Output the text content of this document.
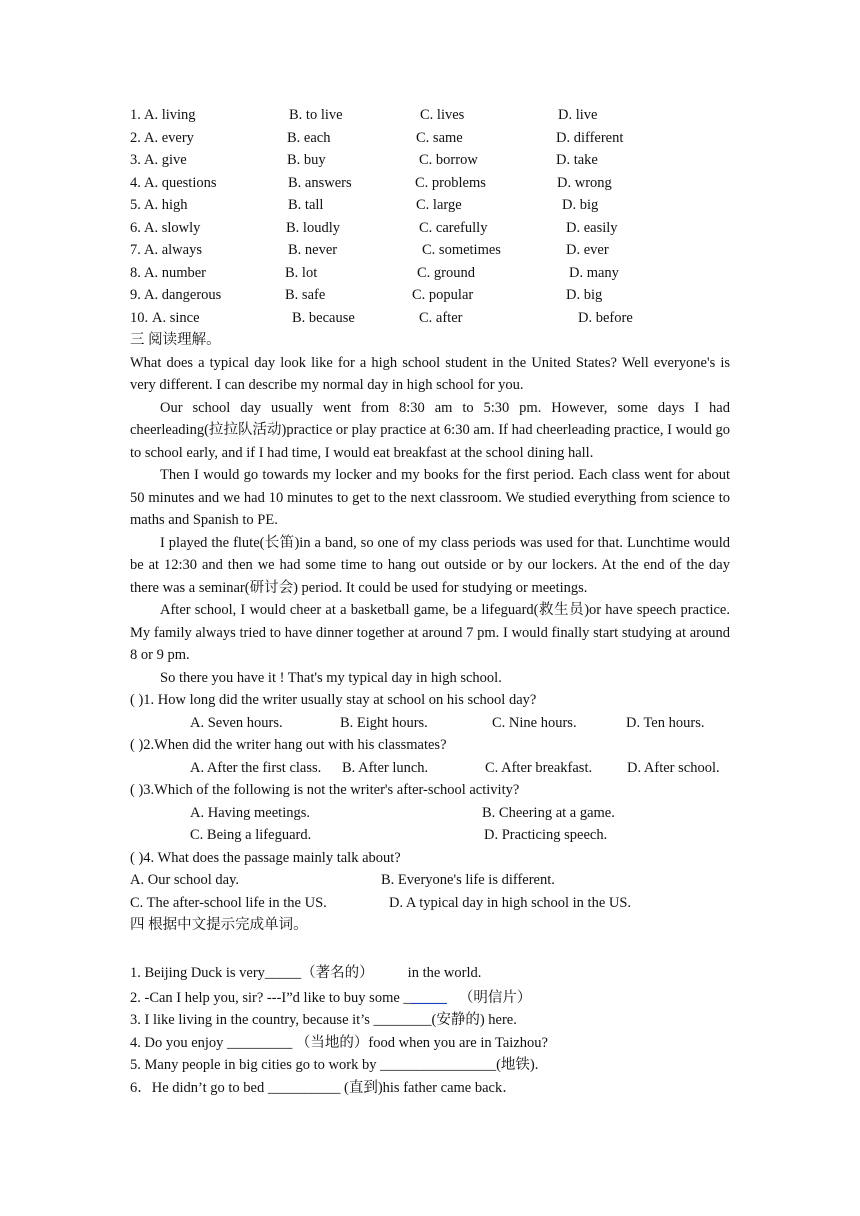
1. A. living	B. to live	C. lives	D. live
2. A. every	B. each	C. same	D. different
3. A. give	B. buy	C. borrow	D. take
4. A. questions	B. answers	C. problems	D. wrong
5. A. high	B. tall	C. large	D. big
6. A. slowly	B. loudly	C. carefully	D. easily
7. A. always	B. never	C. sometimes	D. ever
8. A. number	B. lot	C. ground	D. many
9. A. dangerous	B. safe	C. popular	D. big
10. A. since	B. because	C. after	D. before
三 阅读理解。
What does a typical day look like for a high school student in the United States? Well everyone's is very different. I can describe my normal day in high school for you.
Our school day usually went from 8:30 am to 5:30 pm. However, some days I had cheerleading(拉拉队活动)practice or play practice at 6:30 am. If had cheerleading practice, I would go to school early, and if I had time, I would eat breakfast at the school dining hall.
Then I would go towards my locker and my books for the first period. Each class went for about 50 minutes and we had 10 minutes to get to the next classroom. We studied everything from science to maths and Spanish to PE.
I played the flute(长笛)in a band, so one of my class periods was used for that. Lunchtime would be at 12:30 and then we had some time to hang out outside or by our lockers. At the end of the day there was a seminar(研讨会) period. It could be used for studying or meetings.
After school, I would cheer at a basketball game, be a lifeguard(救生员)or have speech practice. My family always tried to have dinner together at around 7 pm. I would finally start studying at around 8 or 9 pm.
So there you have it ! That's my typical day in high school.
( )1. How long did the writer usually stay at school on his school day?
A. Seven hours.	B. Eight hours.	C. Nine hours.	D. Ten hours.
( )2.When did the writer hang out with his classmates?
A. After the first class. B. After lunch.	C. After breakfast. D. After school.
( )3.Which of the following is not the writer's after-school activity?
A. Having meetings.	B. Cheering at a game.
C. Being a lifeguard.	D. Practicing speech.
( )4. What does the passage mainly talk about?
A. Our school day.	B. Everyone's life is different.
C. The after-school life in the US.	D. A typical day in high school in the US.
四 根据中文提示完成单词。
1. Beijing Duck is very_____（著名的） in the world.
2. -Can I help you, sir? ---I”d like to buy some ______ （明信片）
3. I like living in the country, because it’s ________(安静的) here.
4. Do you enjoy _________ （当地的）food when you are in Taizhou?
5. Many people in big cities go to work by ________________(地铁).
6．He didn’t go to bed __________ (直到)his father came back．
